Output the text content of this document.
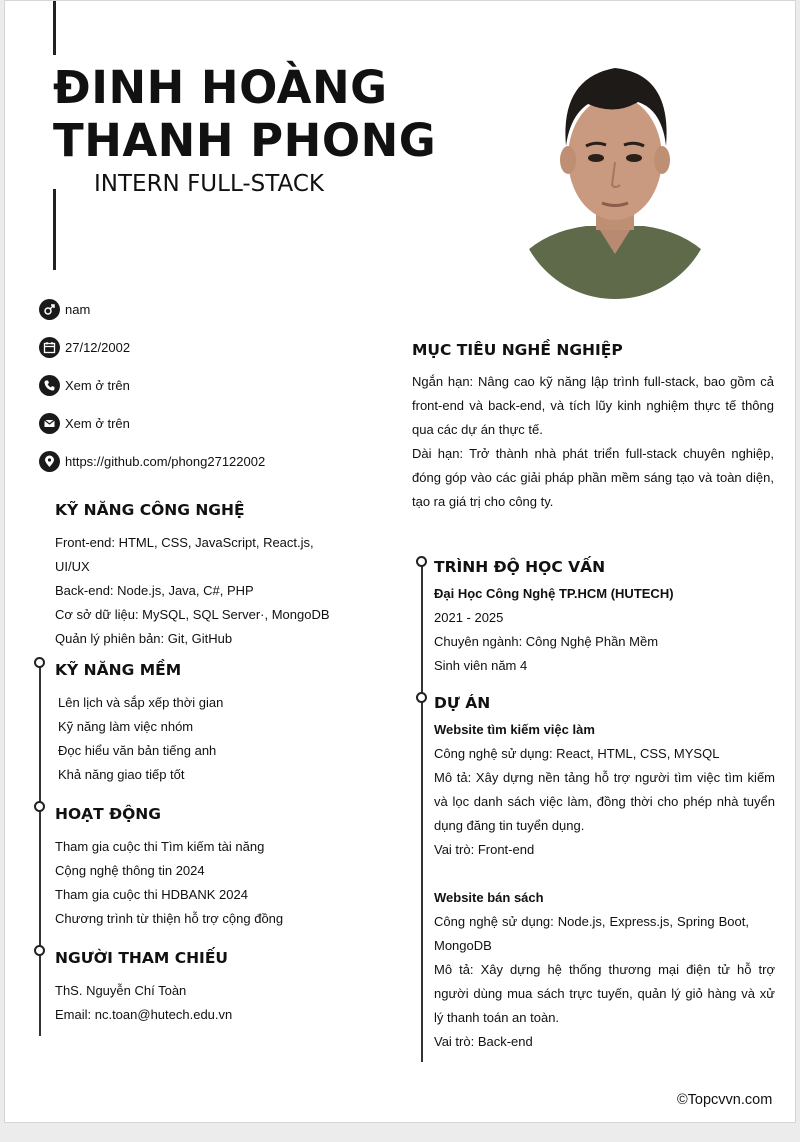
ĐINH HOÀNG
THANH PHONG
INTERN FULL-STACK
nam
27/12/2002
Xem ở trên
Xem ở trên
https://github.com/phong27122002
KỸ NĂNG CÔNG NGHỆ
Front-end: HTML, CSS, JavaScript, React.js,
UI/UX
Back-end: Node.js, Java, C#, PHP
Cơ sở dữ liệu: MySQL, SQL Server·, MongoDB
Quản lý phiên bản: Git, GitHub
KỸ NĂNG MỀM
Lên lịch và sắp xếp thời gian
Kỹ năng làm việc nhóm
Đọc hiểu văn bản tiếng anh
Khả năng giao tiếp tốt
HOẠT ĐỘNG
Tham gia cuộc thi Tìm kiếm tài năng
Cộng nghệ thông tin 2024
Tham gia cuộc thi HDBANK 2024
Chương trình từ thiện hỗ trợ cộng đồng
NGƯỜI THAM CHIẾU
ThS. Nguyễn Chí Toàn
Email: nc.toan@hutech.edu.vn
MỤC TIÊU NGHỀ NGHIỆP
Ngắn hạn: Nâng cao kỹ năng lập trình full-stack, bao gồm cả front-end và back-end, và tích lũy kinh nghiệm thực tế thông qua các dự án thực tế.
Dài hạn: Trở thành nhà phát triển full-stack chuyên nghiệp, đóng góp vào các giải pháp phần mềm sáng tạo và toàn diện, tạo ra giá trị cho công ty.
TRÌNH ĐỘ HỌC VẤN
Đại Học Công Nghệ TP.HCM (HUTECH)
2021 - 2025
Chuyên ngành: Công Nghệ Phần Mềm
Sinh viên năm 4
DỰ ÁN
Website tìm kiếm việc làm
Công nghệ sử dụng: React, HTML, CSS, MYSQL
Mô tả: Xây dựng nền tảng hỗ trợ người tìm việc tìm kiếm và lọc danh sách việc làm, đồng thời cho phép nhà tuyển dụng đăng tin tuyển dụng.
Vai trò: Front-end
Website bán sách
Công nghệ sử dụng: Node.js, Express.js, Spring Boot, MongoDB
Mô tả: Xây dựng hệ thống thương mại điện tử hỗ trợ người dùng mua sách trực tuyến, quản lý giỏ hàng và xử lý thanh toán an toàn.
Vai trò: Back-end
©Topcvvn.com
